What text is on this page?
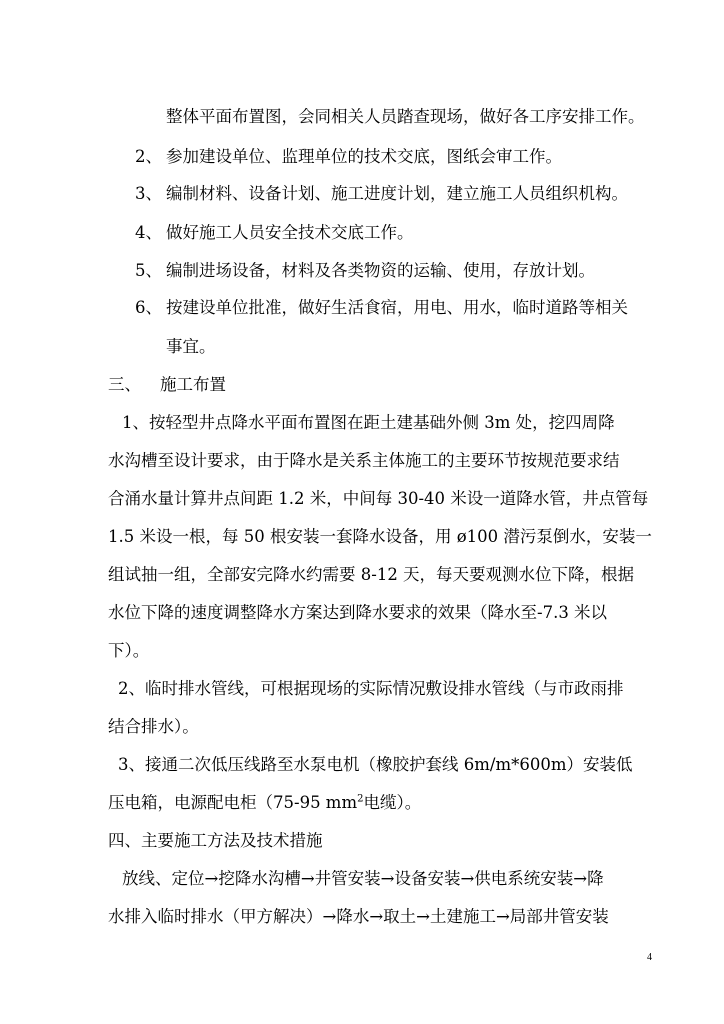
整体平面布置图，会同相关人员踏查现场，做好各工序安排工作。
2、 参加建设单位、监理单位的技术交底，图纸会审工作。
3、 编制材料、设备计划、施工进度计划，建立施工人员组织机构。
4、 做好施工人员安全技术交底工作。
5、 编制进场设备，材料及各类物资的运输、使用，存放计划。
6、 按建设单位批准，做好生活食宿，用电、用水，临时道路等相关
事宜。
三、 施工布置
1、按轻型井点降水平面布置图在距土建基础外侧 3m 处，挖四周降
水沟槽至设计要求，由于降水是关系主体施工的主要环节按规范要求结
合涌水量计算井点间距 1.2 米，中间每 30-40 米设一道降水管，井点管每
1.5 米设一根，每 50 根安装一套降水设备，用 ø100 潜污泵倒水，安装一
组试抽一组，全部安完降水约需要 8-12 天，每天要观测水位下降，根据
水位下降的速度调整降水方案达到降水要求的效果（降水至-7.3 米以
下）。
2、临时排水管线，可根据现场的实际情况敷设排水管线（与市政雨排
结合排水）。
3、接通二次低压线路至水泵电机（橡胶护套线 6m/m*600m）安装低
压电箱，电源配电柜（75-95 $mm^2$电缆）。
四、主要施工方法及技术措施
放线、定位→挖降水沟槽→井管安装→设备安装→供电系统安装→降
水排入临时排水（甲方解决）→降水→取土→土建施工→局部井管安装
4
